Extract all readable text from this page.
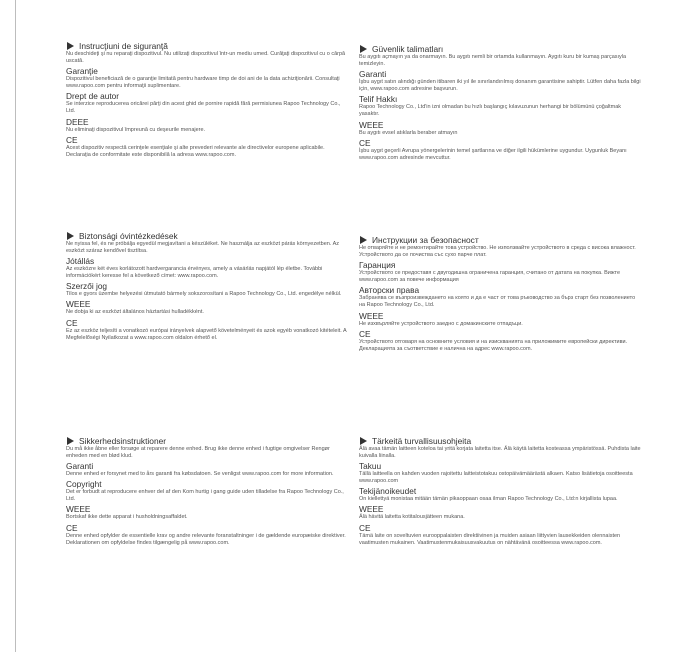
Instrucţiuni de siguranţă
Nu deschideţi şi nu reparaţi dispozitivul. Nu utilizaţi dispozitivul într-un mediu umed. Curăţaţi dispozitivul cu o cârpă uscată.
Garanţie
Dispozitivul beneficiază de o garanţie limitată pentru hardware timp de doi ani de la data achiziţionării. Consultaţi www.rapoo.com pentru informaţii suplimentare.
Drept de autor
Se interzice reproducerea oricărei părţi din acest ghid de pornire rapidă fără permisiunea Rapoo Technology Co., Ltd.
DEEE
Nu eliminaţi dispozitivul împreună cu deşeurile menajere.
CE
Acest dispozitiv respectă cerinţele esenţiale şi alte prevederi relevante ale directivelor europene aplicabile. Declaraţia de conformitate este disponibilă la adresa www.rapoo.com.
Biztonsági óvintézkedések
Ne nyissa fel, és ne próbálja egyedül megjavítani a készüléket. Ne használja az eszközt párás környezetben. Az eszközt száraz kendővel tisztítsa.
Jótállás
Az eszközre két éves korlátozott hardvergarancia érvényes, amely a vásárlás napjától lép életbe. További információkért keresse fel a következő címet: www.rapoo.com.
Szerzői jog
Tilos e gyors üzembe helyezési útmutató bármely sokszorosítani a Rapoo Technology Co., Ltd. engedélye nélkül.
WEEE
Ne dobja ki az eszközt általános háztartási hulladékként.
CE
Ez az eszköz teljesíti a vonatkozó európai irányelvek alapvető követelményeit és azok egyéb vonatkozó kitételeit. A Megfelelőségi Nyilatkozat a www.rapoo.com oldalon érhető el.
Sikkerhedsinstruktioner
Du må ikke åbne eller forsøge at reparere denne enhed. Brug ikke denne enhed i fugtige omgivelser Rengør enheden med en blød klud.
Garanti
Denne enhed er forsynet med to års garanti fra købsdatoen. Se venligst www.rapoo.com for more information.
Copyright
Det er forbudt at reproducere enhver del af den Kom hurtig i gang guide uden tilladelse fra Rapoo Technology Co., Ltd.
WEEE
Bortskaf ikke dette apparat i husholdningsaffaldet.
CE
Denne enhed opfylder de essentielle krav og andre relevante foranstaltninger i de gældende europæiske direktiver. Deklarationen om opfyldelse findes tilgængelig på www.rapoo.com.
Güvenlik talimatları
Bu aygıtı açmayın ya da onarmayın. Bu aygıtı nemli bir ortamda kullanmayın. Aygıtı kuru bir kumaş parçasıyla temizleyin.
Garanti
İşbu aygıt satın alındığı günden itibaren iki yıl ile sınırlandırılmış donanım garantisine sahiptir. Lütfen daha fazla bilgi için, www.rapoo.com adresine başvurun.
Telif Hakkı
Rapoo Technology Co., Ltd'in izni olmadan bu hızlı başlangıç kılavuzunun herhangi bir bölümünü çoğaltmak yasaktır.
WEEE
Bu aygıtı evsel atıklarla beraber atmayın
CE
İşbu aygıt geçerli Avrupa yönergelerinin temel şartlarına ve diğer ilgili hükümlerine uygundur. Uygunluk Beyanı www.rapoo.com adresinde mevcuttur.
Инструкции за безопасност
Не отваряйте и не ремонтирайте това устройство. Не използвайте устройството в среда с висока влажност. Устройството да се почиства със сухо парче плат.
Гаранция
Устройството се предоставя с двугодишна ограничена гаранция, считано от датата на покупка. Вижте www.rapoo.com за повече информация
Авторски права
Забранява се възпроизвеждането на която и да е част от това ръководство за бърз старт без позволението на Rapoo Technology Co., Ltd.
WEEE
Не изхвърляйте устройството заедно с домакинските отпадъци.
CE
Устройството отговаря на основните условия и на изискванията на приложимите европейски директиви. Декларацията за съответствие е налична на адрес www.rapoo.com.
Tärkeitä turvallisuusohjeita
Älä avaa tämän laitteen koteloa tai yritä korjata laitetta itse. Älä käytä laitetta kosteassa ympäristössä. Puhdista laite kuivalla liinalla.
Takuu
Tällä laitteella on kahden vuoden rajoitettu laitteistotakuu ostopäivämäärästä alkaen. Katso lisätietoja osoitteesta www.rapoo.com
Tekijänoikeudet
On kiellettyä monistaa mitään tämän pikaoppaan osaa ilman Rapoo Technology Co., Ltd:n kirjallista lupaa.
WEEE
Älä hävitä laitetta kotitalousjätteen mukana.
CE
Tämä laite on soveltuvien eurooppalaisten direktiivinen ja muiden asiaan liittyvien lausekkeiden olennaisten vaatimusten mukainen. Vaatimustenmukaisuusvakuutus on nähtävänä osoitteessa www.rapoo.com.
